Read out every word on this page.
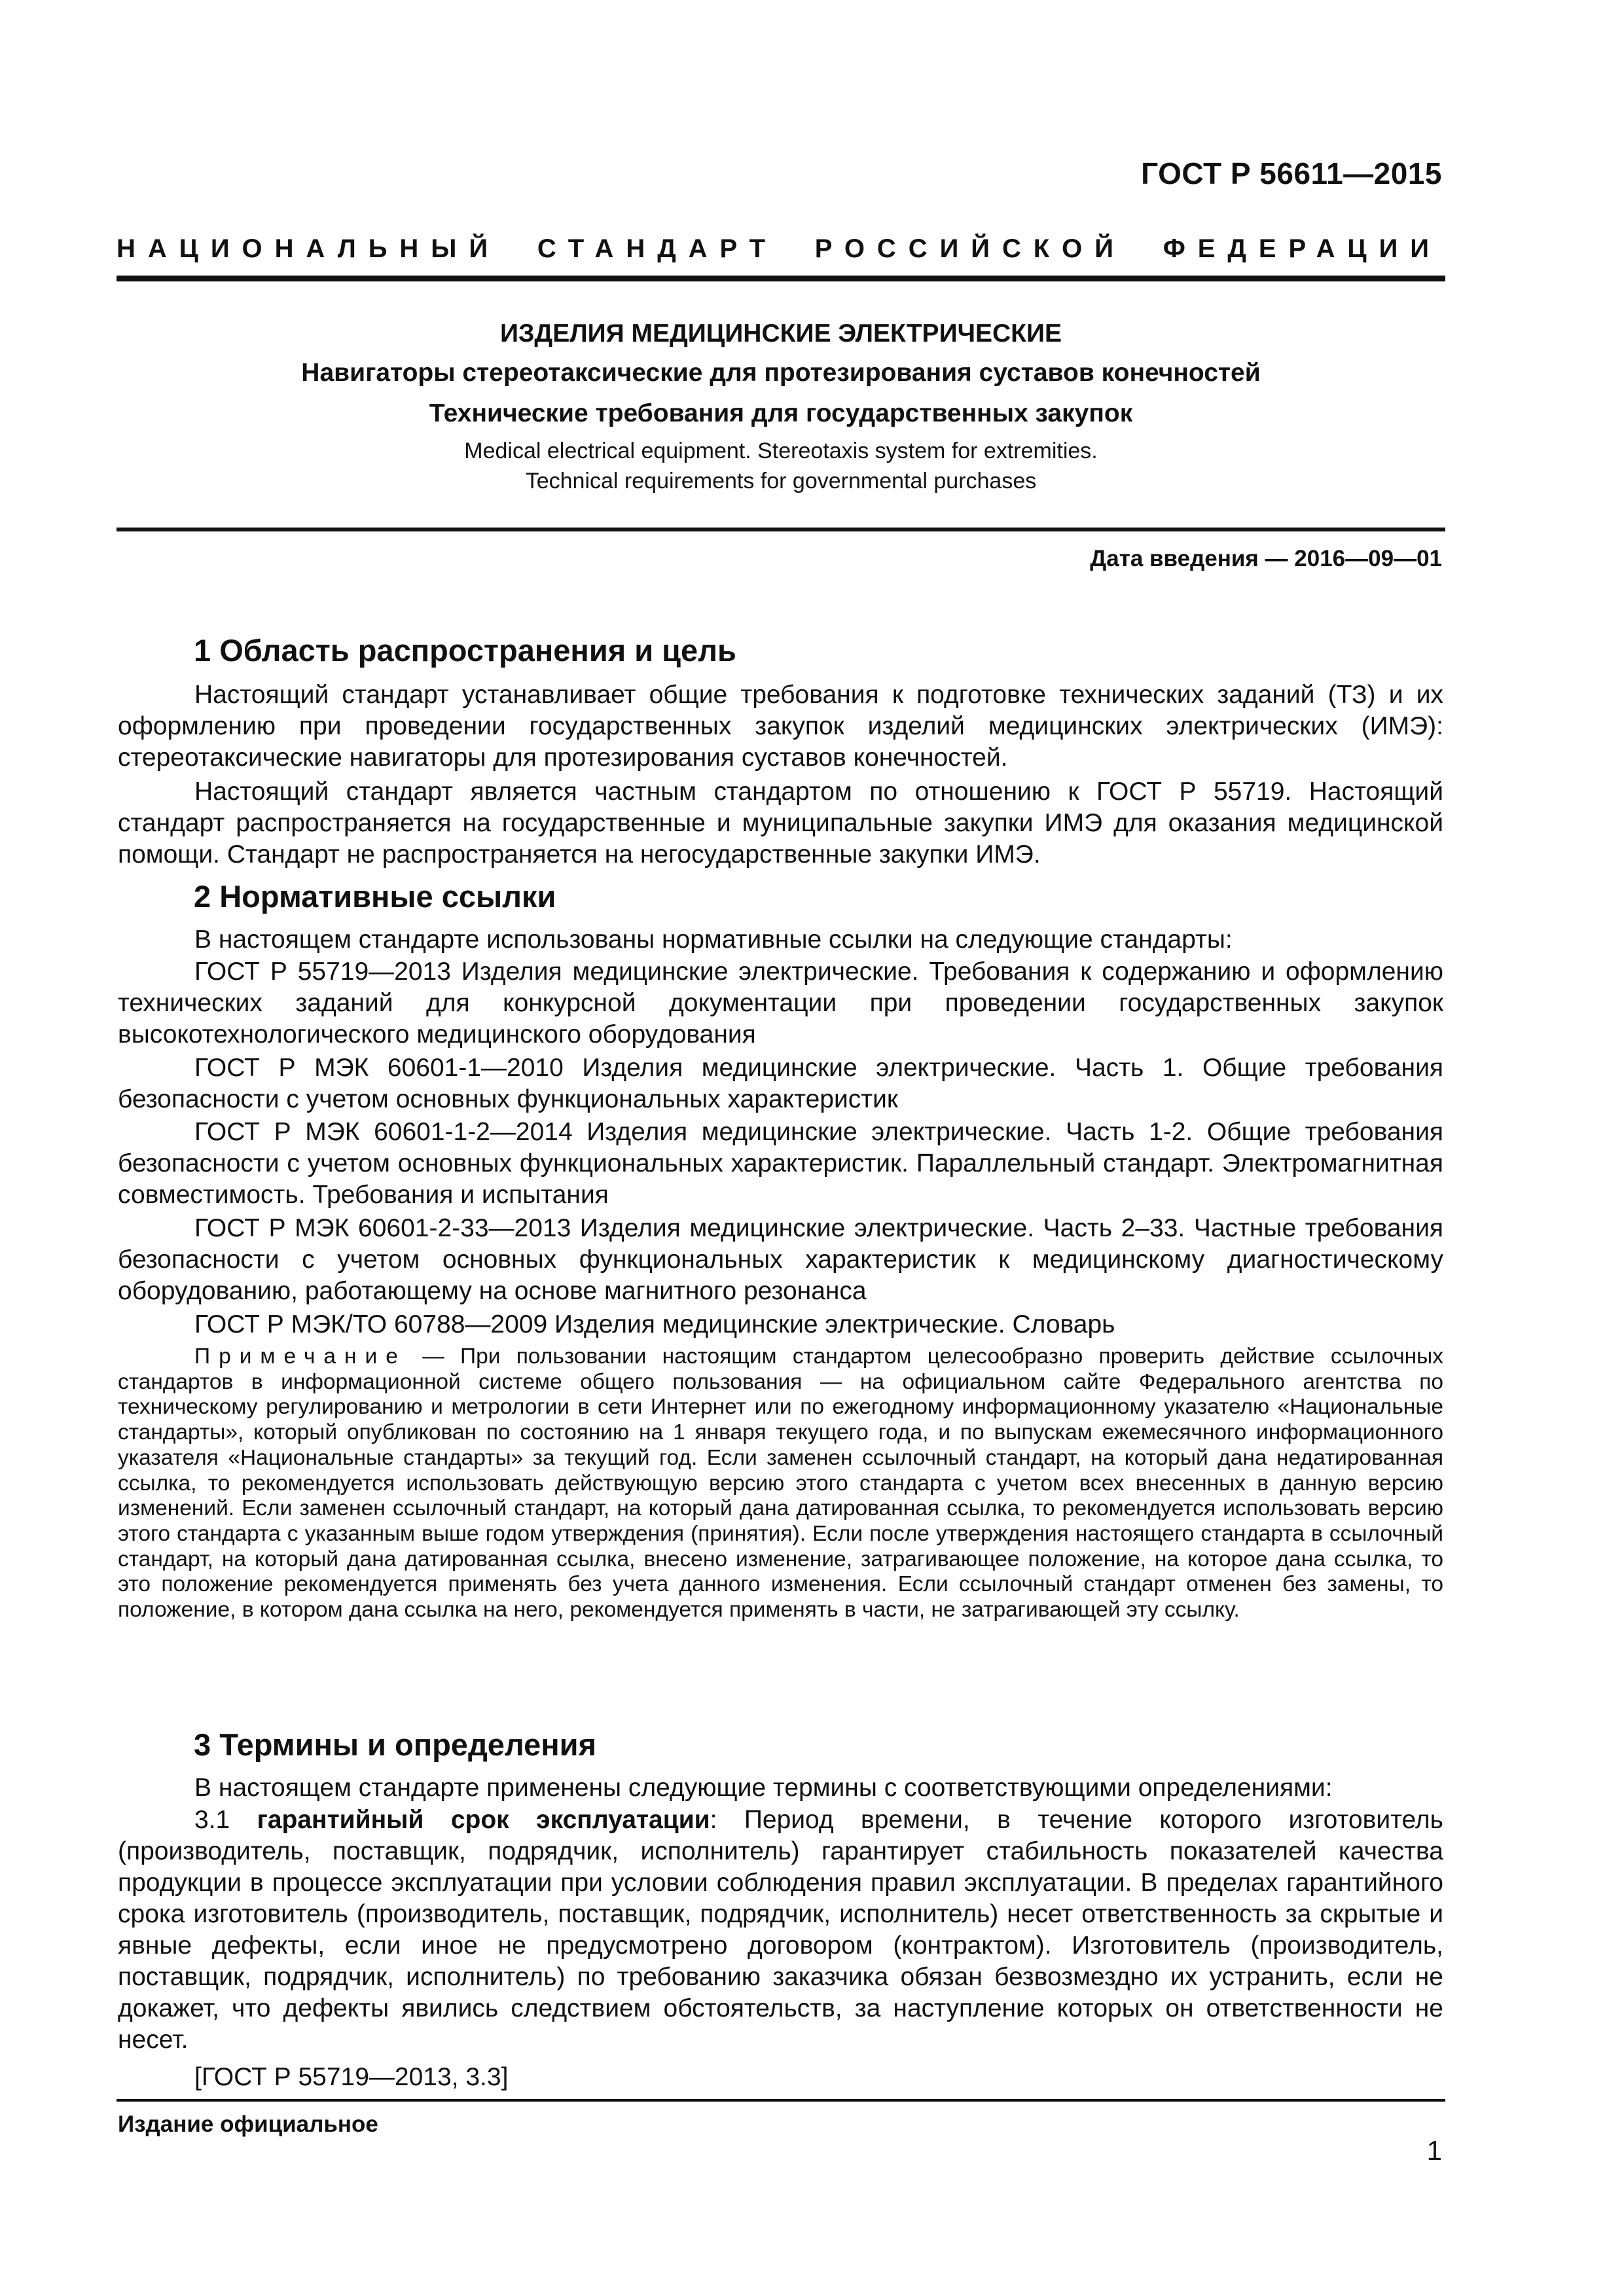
ГОСТ Р 56611—2015
НАЦИОНАЛЬНЫЙ СТАНДАРТ РОССИЙСКОЙ ФЕДЕРАЦИИ
ИЗДЕЛИЯ МЕДИЦИНСКИЕ ЭЛЕКТРИЧЕСКИЕ
Навигаторы стереотаксические для протезирования суставов конечностей
Технические требования для государственных закупок
Medical electrical equipment. Stereotaxis system for extremities.
Technical requirements for governmental purchases
Дата введения — 2016—09—01
1 Область распространения и цель

Настоящий стандарт устанавливает общие требования к подготовке технических заданий (ТЗ) и их оформлению при проведении государственных закупок изделий медицинских электрических (ИМЭ): стереотаксические навигаторы для протезирования суставов конечностей.

Настоящий стандарт является частным стандартом по отношению к ГОСТ Р 55719. Настоящий стандарт распространяется на государственные и муниципальные закупки ИМЭ для оказания медицинской помощи. Стандарт не распространяется на негосударственные закупки ИМЭ.

2 Нормативные ссылки

В настоящем стандарте использованы нормативные ссылки на следующие стандарты:

ГОСТ Р 55719—2013 Изделия медицинские электрические. Требования к содержанию и оформлению технических заданий для конкурсной документации при проведении государственных закупок высокотехнологического медицинского оборудования

ГОСТ Р МЭК 60601-1—2010 Изделия медицинские электрические. Часть 1. Общие требования безопасности с учетом основных функциональных характеристик

ГОСТ Р МЭК 60601-1-2—2014 Изделия медицинские электрические. Часть 1-2. Общие требования безопасности с учетом основных функциональных характеристик. Параллельный стандарт. Электромагнитная совместимость. Требования и испытания

ГОСТ Р МЭК 60601-2-33—2013 Изделия медицинские электрические. Часть 2–33. Частные требования безопасности с учетом основных функциональных характеристик к медицинскому диагностическому оборудованию, работающему на основе магнитного резонанса

ГОСТ Р МЭК/ТО 60788—2009 Изделия медицинские электрические. Словарь

Примечание — При пользовании настоящим стандартом целесообразно проверить действие ссылочных стандартов в информационной системе общего пользования — на официальном сайте Федерального агентства по техническому регулированию и метрологии в сети Интернет или по ежегодному информационному указателю «Национальные стандарты», который опубликован по состоянию на 1 января текущего года, и по выпускам ежемесячного информационного указателя «Национальные стандарты» за текущий год. Если заменен ссылочный стандарт, на который дана недатированная ссылка, то рекомендуется использовать действующую версию этого стандарта с учетом всех внесенных в данную версию изменений. Если заменен ссылочный стандарт, на который дана датированная ссылка, то рекомендуется использовать версию этого стандарта с указанным выше годом утверждения (принятия). Если после утверждения настоящего стандарта в ссылочный стандарт, на который дана датированная ссылка, внесено изменение, затрагивающее положение, на которое дана ссылка, то это положение рекомендуется применять без учета данного изменения. Если ссылочный стандарт отменен без замены, то положение, в котором дана ссылка на него, рекомендуется применять в части, не затрагивающей эту ссылку.

3 Термины и определения

В настоящем стандарте применены следующие термины с соответствующими определениями:

3.1 гарантийный срок эксплуатации: Период времени, в течение которого изготовитель (производитель, поставщик, подрядчик, исполнитель) гарантирует стабильность показателей качества продукции в процессе эксплуатации при условии соблюдения правил эксплуатации. В пределах гарантийного срока изготовитель (производитель, поставщик, подрядчик, исполнитель) несет ответственность за скрытые и явные дефекты, если иное не предусмотрено договором (контрактом). Изготовитель (производитель, поставщик, подрядчик, исполнитель) по требованию заказчика обязан безвозмездно их устранить, если не докажет, что дефекты явились следствием обстоятельств, за наступление которых он ответственности не несет.

[ГОСТ Р 55719—2013, 3.3]

Издание официальное
1
